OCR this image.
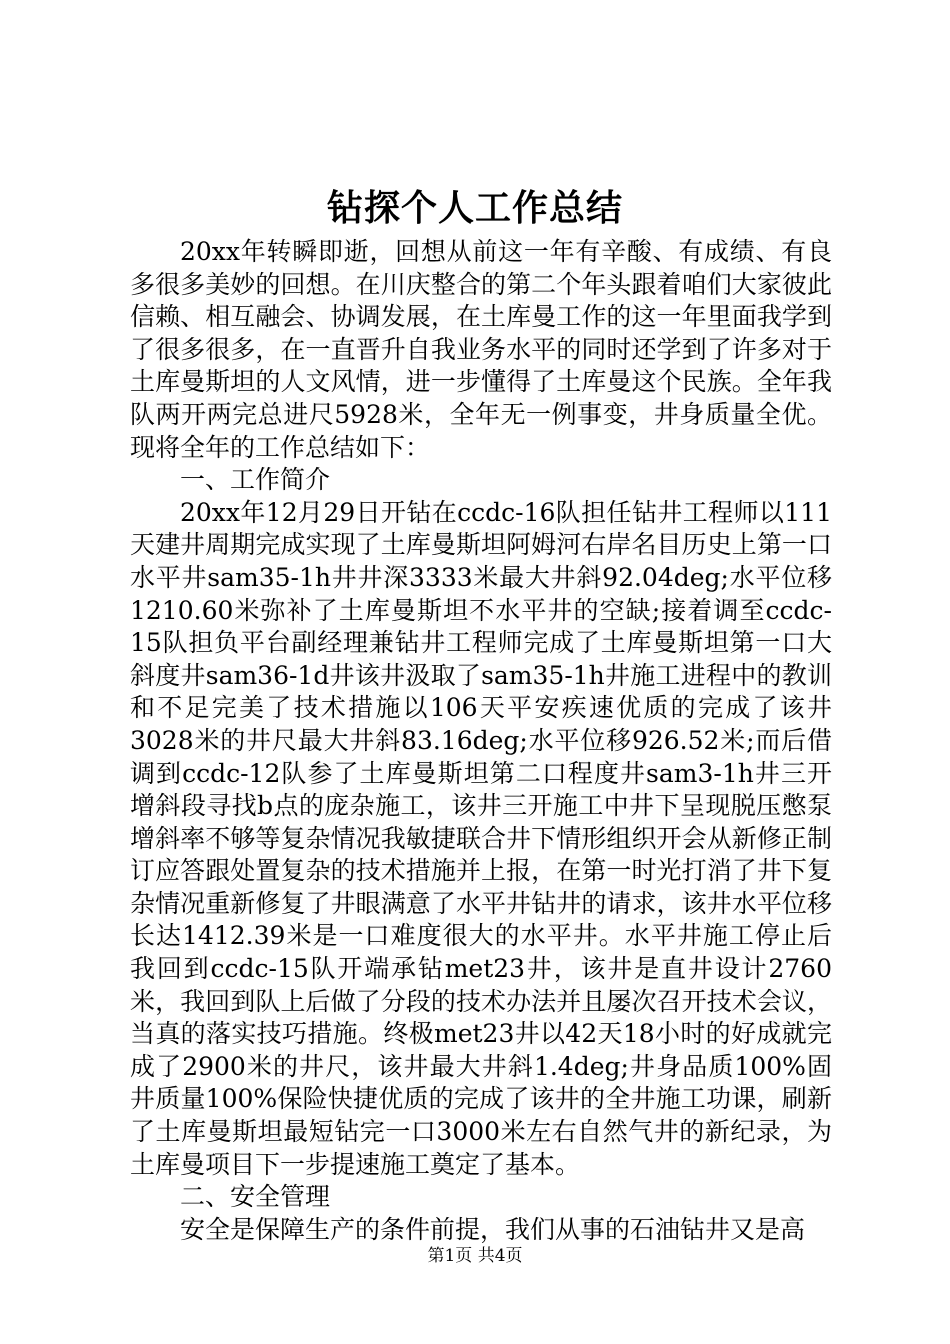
钻探个人工作总结

20xx年转瞬即逝，回想从前这一年有辛酸、有成绩、有良多很多美妙的回想。在川庆整合的第二个年头跟着咱们大家彼此信赖、相互融会、协调发展，在土库曼工作的这一年里面我学到了很多很多，在一直晋升自我业务水平的同时还学到了许多对于土库曼斯坦的人文风情，进一步懂得了土库曼这个民族。全年我队两开两完总进尺5928米，全年无一例事变，井身质量全优。现将全年的工作总结如下：

一、工作简介

20xx年12月29日开钻在ccdc-16队担任钻井工程师以111天建井周期完成实现了土库曼斯坦阿姆河右岸名目历史上第一口水平井sam35-1h井井深3333米最大井斜92.04deg;水平位移1210.60米弥补了土库曼斯坦不水平井的空缺;接着调至ccdc-15队担负平台副经理兼钻井工程师完成了土库曼斯坦第一口大斜度井sam36-1d井该井汲取了sam35-1h井施工进程中的教训和不足完美了技术措施以106天平安疾速优质的完成了该井3028米的井尺最大井斜83.16deg;水平位移926.52米;而后借调到ccdc-12队参了土库曼斯坦第二口程度井sam3-1h井三开增斜段寻找b点的庞杂施工，该井三开施工中井下呈现脱压憋泵增斜率不够等复杂情况我敏捷联合井下情形组织开会从新修正制订应答跟处置复杂的技术措施并上报，在第一时光打消了井下复杂情况重新修复了井眼满意了水平井钻井的请求，该井水平位移长达1412.39米是一口难度很大的水平井。水平井施工停止后我回到ccdc-15队开端承钻met23井，该井是直井设计2760米，我回到队上后做了分段的技术办法并且屡次召开技术会议，当真的落实技巧措施。终极met23井以42天18小时的好成就完成了2900米的井尺，该井最大井斜1.4deg;井身品质100%固井质量100%保险快捷优质的完成了该井的全井施工功课，刷新了土库曼斯坦最短钻完一口3000米左右自然气井的新纪录，为土库曼项目下一步提速施工奠定了基本。

二、安全管理

安全是保障生产的条件前提，我们从事的石油钻井又是高

第1页 共4页
